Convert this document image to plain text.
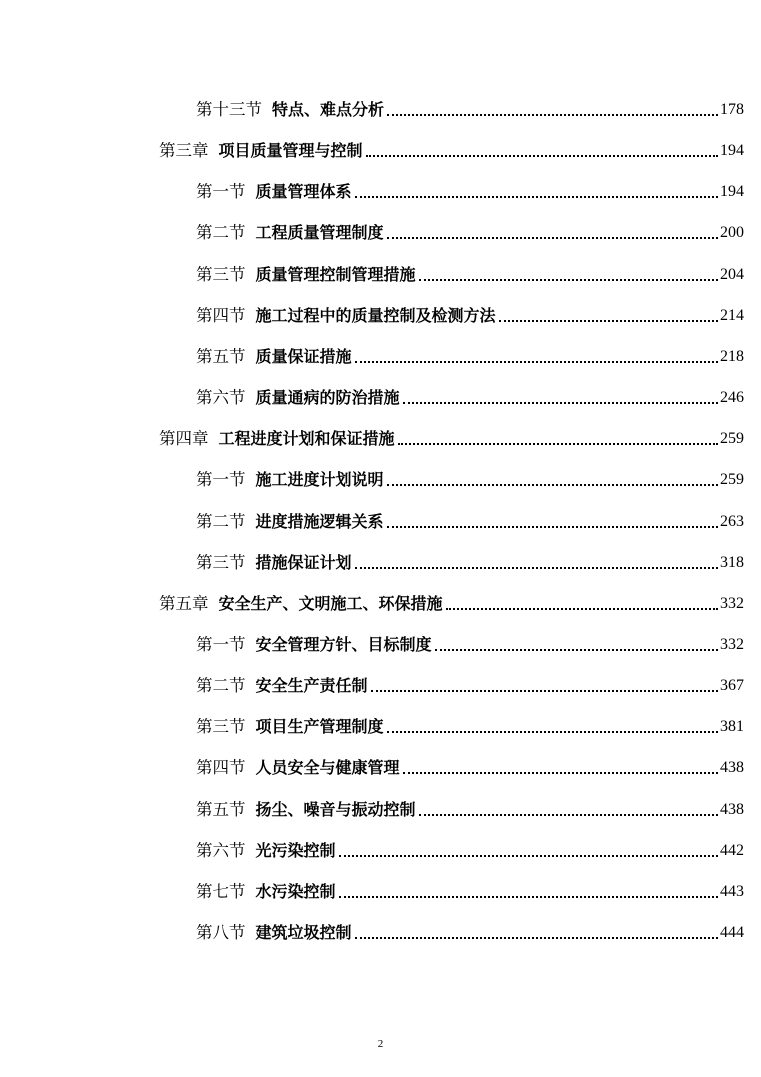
第十三节 特点、难点分析	178
第三章 项目质量管理与控制	194
第一节 质量管理体系	194
第二节 工程质量管理制度	200
第三节 质量管理控制管理措施	204
第四节 施工过程中的质量控制及检测方法	214
第五节 质量保证措施	218
第六节 质量通病的防治措施	246
第四章 工程进度计划和保证措施	259
第一节 施工进度计划说明	259
第二节 进度措施逻辑关系	263
第三节 措施保证计划	318
第五章 安全生产、文明施工、环保措施	332
第一节 安全管理方针、目标制度	332
第二节 安全生产责任制	367
第三节 项目生产管理制度	381
第四节 人员安全与健康管理	438
第五节 扬尘、噪音与振动控制	438
第六节 光污染控制	442
第七节 水污染控制	443
第八节 建筑垃圾控制	444
2
